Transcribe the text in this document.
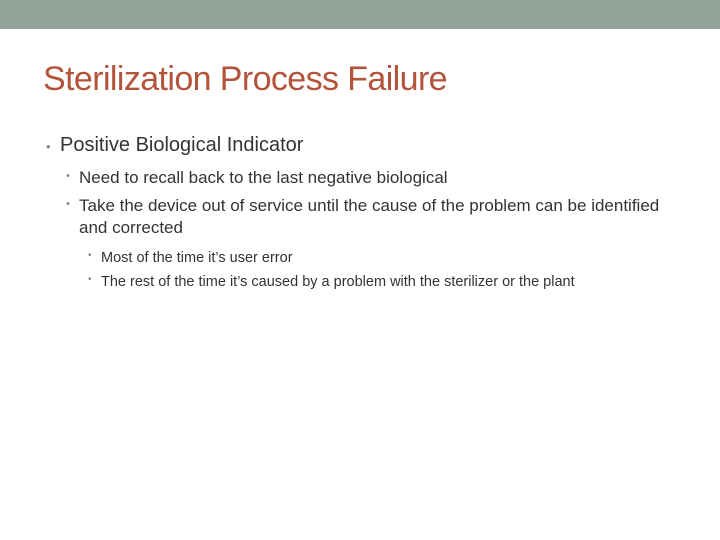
Sterilization Process Failure
• Positive Biological Indicator
• Need to recall back to the last negative biological
• Take the device out of service until the cause of the problem can be identified and corrected
• Most of the time it’s user error
• The rest of the time it’s caused by a problem with the sterilizer or the plant
